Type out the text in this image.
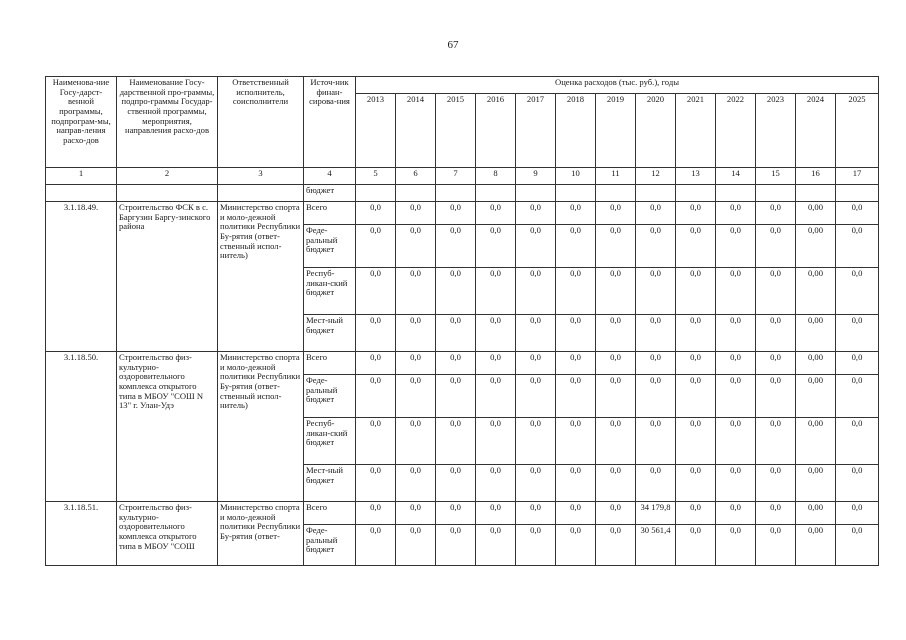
67
Наименова-ние Госу-дарст-венной программы, подпрограм-мы, направ-ления расхо-дов	Наименование Госу-дарственной про-граммы, подпро-граммы Государ-ственной программы, мероприятия, направления расхо-дов	Ответственный исполнитель, соисполнители	Источ-ник финан-сирова-ния	Оценка расходов (тыс. руб.), годы												
				2013	2014	2015	2016	2017	2018	2019	2020	2021	2022	2023	2024	2025
1	2	3	4	5	6	7	8	9	10	11	12	13	14	15	16	17
			бюджет													
3.1.18.49.	Строительство ФСК в с. Баргузин Баргу-зинского района	Министерство спорта и моло-дежной политики Республики Бу-рятия (ответ-ственный испол-нитель)	Всего	0,0	0,0	0,0	0,0	0,0	0,0	0,0	0,0	0,0	0,0	0,0	0,00	0,0
			Феде-ральный бюджет	0,0	0,0	0,0	0,0	0,0	0,0	0,0	0,0	0,0	0,0	0,0	0,00	0,0
			Респуб-ликан-ский бюджет	0,0	0,0	0,0	0,0	0,0	0,0	0,0	0,0	0,0	0,0	0,0	0,00	0,0
			Мест-ный бюджет	0,0	0,0	0,0	0,0	0,0	0,0	0,0	0,0	0,0	0,0	0,0	0,00	0,0
3.1.18.50.	Строительство физ-культурно-оздоровительного комплекса открытого типа в МБОУ "СОШ N 13" г. Улан-Удэ	Министерство спорта и моло-дежной политики Республики Бу-рятия (ответ-ственный испол-нитель)	Всего	0,0	0,0	0,0	0,0	0,0	0,0	0,0	0,0	0,0	0,0	0,0	0,00	0,0
			Феде-ральный бюджет	0,0	0,0	0,0	0,0	0,0	0,0	0,0	0,0	0,0	0,0	0,0	0,00	0,0
			Респуб-ликан-ский бюджет	0,0	0,0	0,0	0,0	0,0	0,0	0,0	0,0	0,0	0,0	0,0	0,00	0,0
			Мест-ный бюджет	0,0	0,0	0,0	0,0	0,0	0,0	0,0	0,0	0,0	0,0	0,0	0,00	0,0
3.1.18.51.	Строительство физ-культурно-оздоровительного комплекса открытого типа в МБОУ "СОШ	Министерство спорта и моло-дежной политики Республики Бу-рятия (ответ-	Всего	0,0	0,0	0,0	0,0	0,0	0,0	0,0	34 179,8	0,0	0,0	0,0	0,00	0,0
			Феде-ральный бюджет	0,0	0,0	0,0	0,0	0,0	0,0	0,0	30 561,4	0,0	0,0	0,0	0,00	0,0
